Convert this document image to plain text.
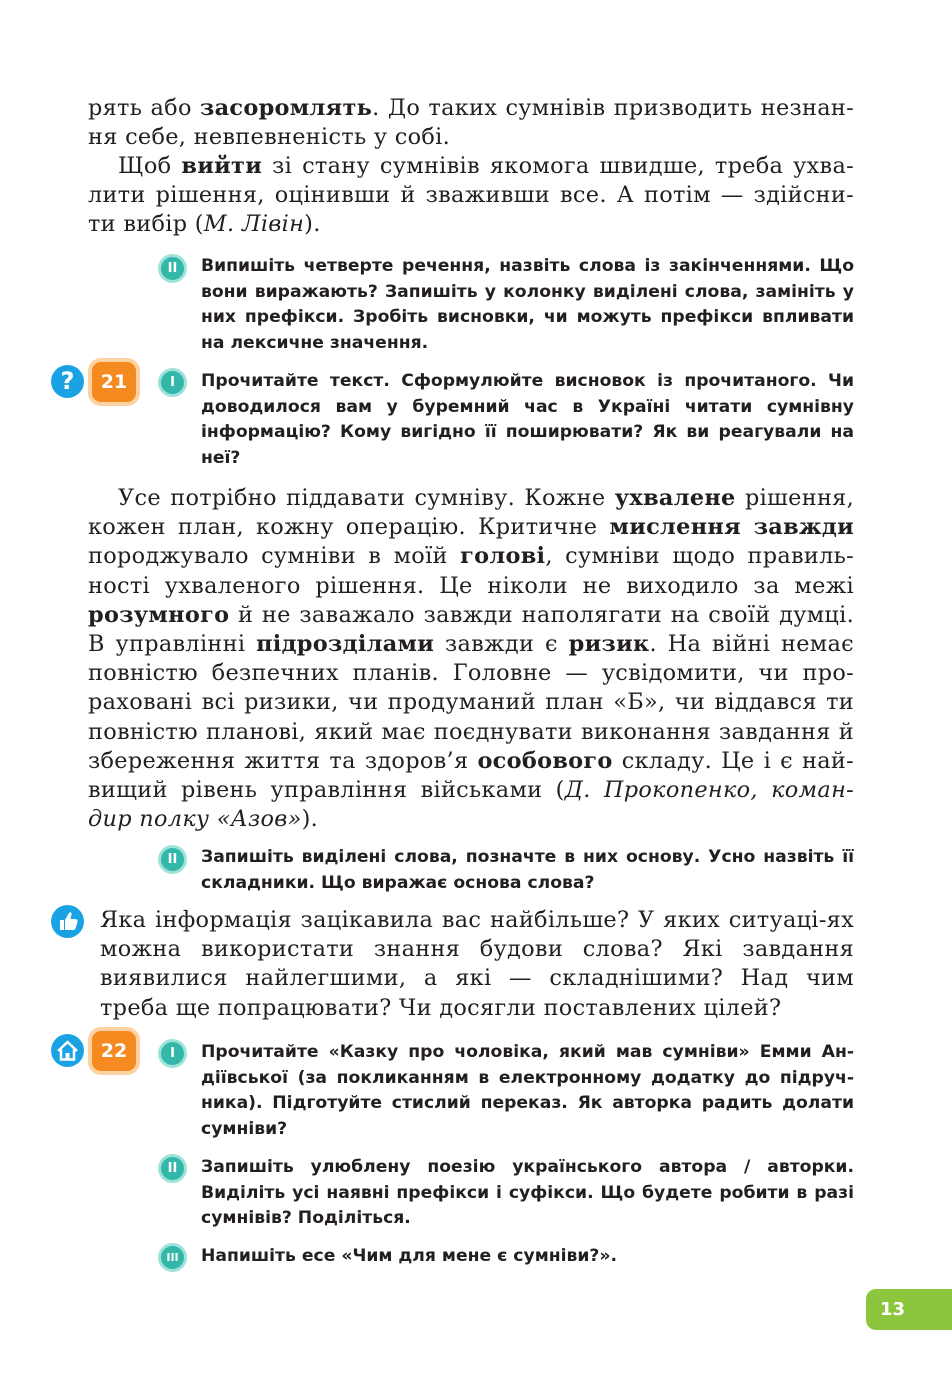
рять або засоромлять. До таких сумнівів призводить незнан-ня себе, невпевненість у собі.
Щоб вийти зі стану сумнівів якомога швидше, треба ухва-лити рішення, оцінивши й зваживши все. А потім — здійсни-ти вибір (М. Лівін).
II	Випишіть четверте речення, назвіть слова із закінченнями. Що вони виражають? Запишіть у колонку виділені слова, замініть у них префікси. Зробіть висновки, чи можуть префікси впливати на лексичне значення.
?	21	I	Прочитайте текст. Сформулюйте висновок із прочитаного. Чи доводилося вам у буремний час в Україні читати сумнівну інформацію? Кому вигідно її поширювати? Як ви реагували на неї?
Усе потрібно піддавати сумніву. Кожне ухвалене рішення, кожен план, кожну операцію. Критичне мислення завжди породжувало сумніви в моїй голові, сумніви щодо правиль-ності ухваленого рішення. Це ніколи не виходило за межі розумного й не заважало завжди наполягати на своїй думці. В управлінні підрозділами завжди є ризик. На війні немає повністю безпечних планів. Головне — усвідомити, чи про-раховані всі ризики, чи продуманий план «Б», чи віддався ти повністю планові, який має поєднувати виконання завдання й збереження життя та здоров’я особового складу. Це і є най-вищий рівень управління військами (Д. Прокопенко, коман-дир полку «Азов»).
II	Запишіть виділені слова, позначте в них основу. Усно назвіть її складники. Що виражає основа слова?
Яка інформація зацікавила вас найбільше? У яких ситуаці-ях можна використати знання будови слова? Які завдання виявилися найлегшими, а які — складнішими? Над чим треба ще попрацювати? Чи досягли поставлених цілей?
22	I	Прочитайте «Казку про чоловіка, який мав сумніви» Емми Ан-діївської (за покликанням в електронному додатку до підруч-ника). Підготуйте стислий переказ. Як авторка радить долати сумніви?
II	Запишіть улюблену поезію українського автора / авторки. Виділіть усі наявні префікси і суфікси. Що будете робити в разі сумнівів? Поділіться.
III	Напишіть есе «Чим для мене є сумніви?».
13
